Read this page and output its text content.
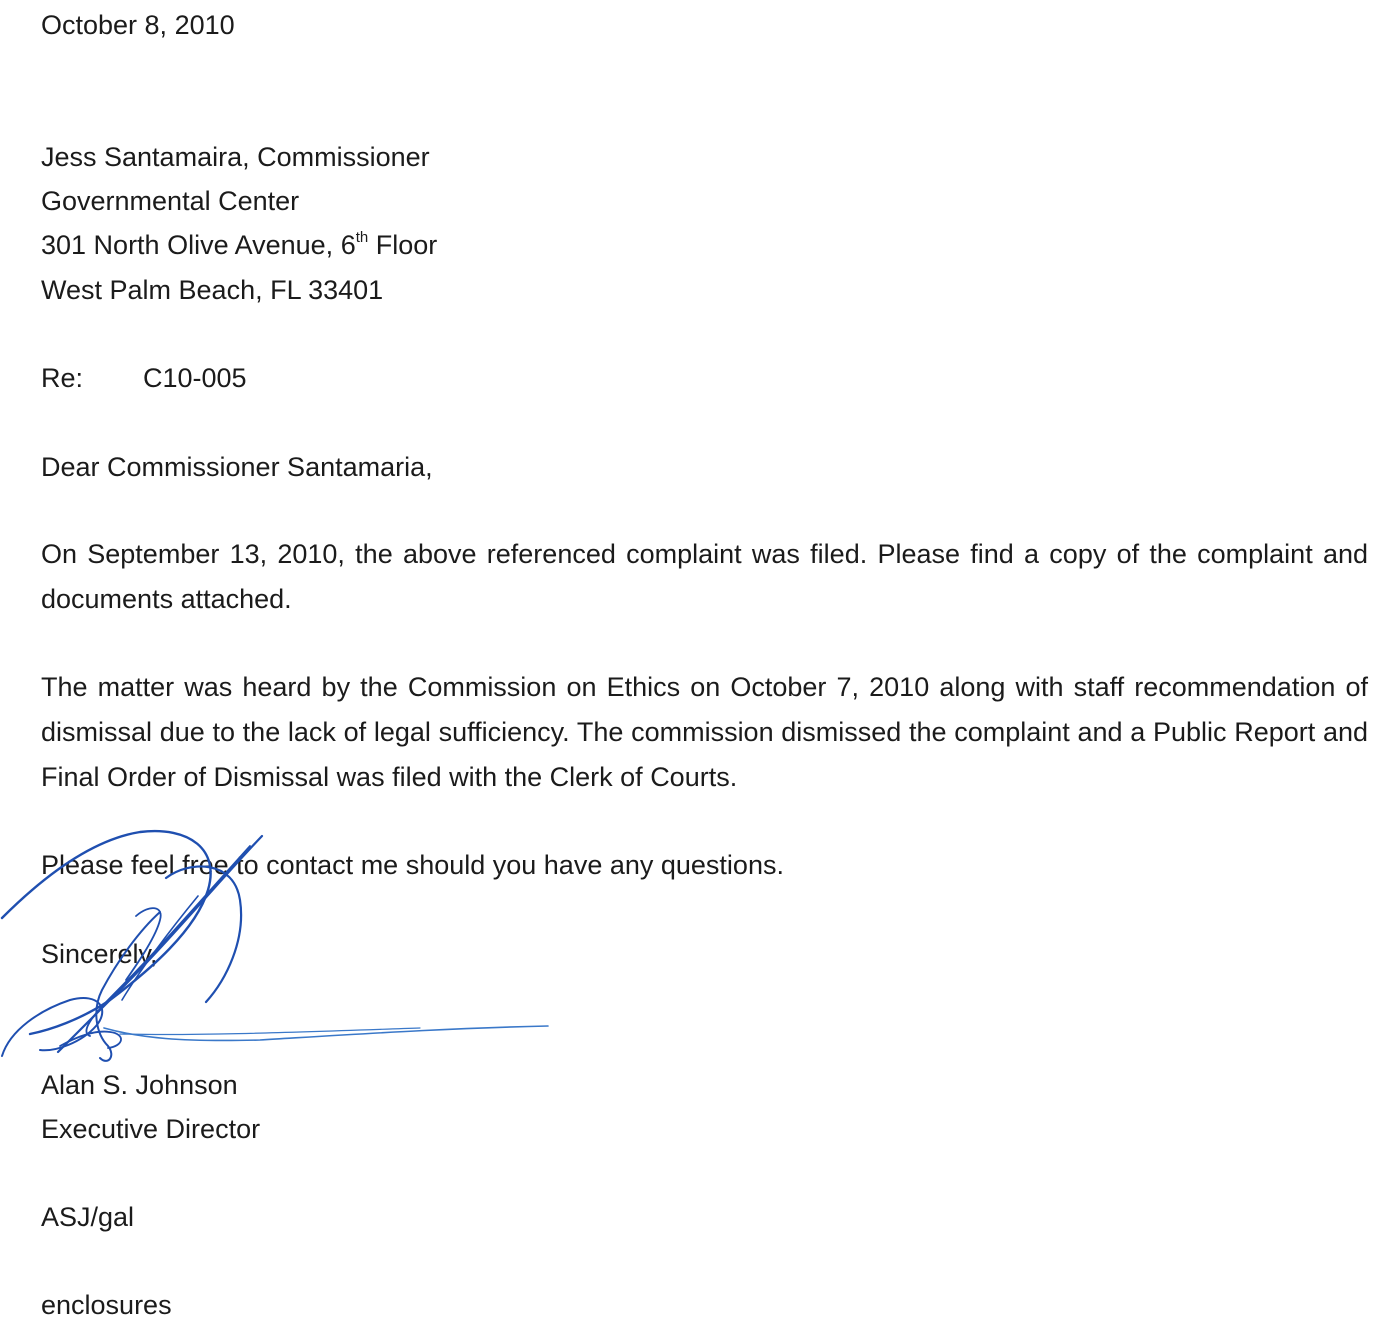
October 8, 2010
Jess Santamaira, Commissioner
Governmental Center
301 North Olive Avenue, 6th Floor
West Palm Beach, FL 33401
Re: C10-005
Dear Commissioner Santamaria,
On September 13, 2010, the above referenced complaint was filed. Please find a copy of the complaint and documents attached.
The matter was heard by the Commission on Ethics on October 7, 2010 along with staff recommendation of dismissal due to the lack of legal sufficiency. The commission dismissed the complaint and a Public Report and Final Order of Dismissal was filed with the Clerk of Courts.
Please feel free to contact me should you have any questions.
Sincerely,
Alan S. Johnson
Executive Director
ASJ/gal
enclosures
